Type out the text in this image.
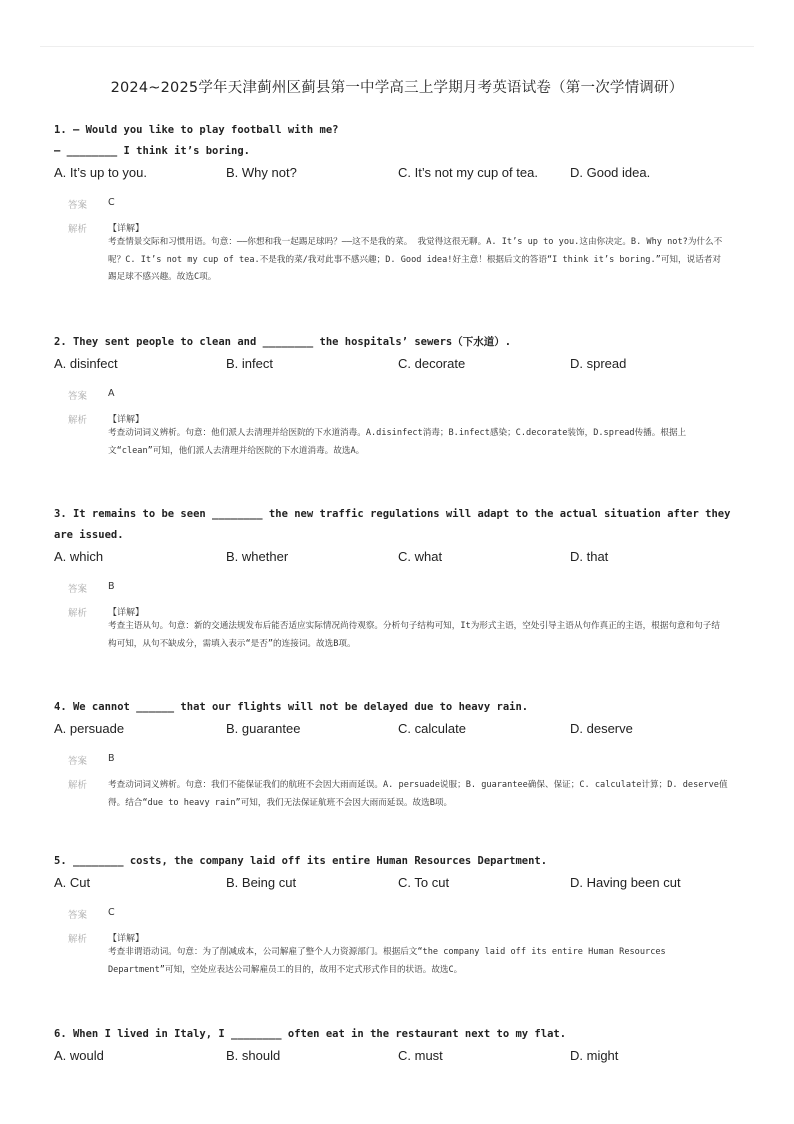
2024~2025学年天津蓟州区蓟县第一中学高三上学期月考英语试卷（第一次学情调研）
1. — Would you like to play football with me?
— ________ I think it’s boring.
A. It’s up to you.	B. Why not?	C. It’s not my cup of tea.	D. Good idea.
答案	C
解析	【详解】
考查情景交际和习惯用语。句意：——你想和我一起踢足球吗？——这不是我的菜。 我觉得这很无聊。A. It’s up to you.这由你决定。B. Why not?为什么不呢？C. It’s not my cup of tea.不是我的菜/我对此事不感兴趣；D. Good idea!好主意！根据后文的答语“I think it’s boring.”可知，说话者对踢足球不感兴趣。故选C项。
2. They sent people to clean and ________ the hospitals’ sewers（下水道）.
A. disinfect	B. infect	C. decorate	D. spread
答案	A
解析	【详解】
考查动词词义辨析。句意：他们派人去清理并给医院的下水道消毒。A.disinfect消毒；B.infect感染；C.decorate装饰，D.spread传播。根据上文“clean”可知，他们派人去清理并给医院的下水道消毒。故选A。
3. It remains to be seen ________ the new traffic regulations will adapt to the actual situation after they are issued.
A. which	B. whether	C. what	D. that
答案	B
解析	【详解】
考查主语从句。句意：新的交通法规发布后能否适应实际情况尚待观察。分析句子结构可知，It为形式主语，空处引导主语从句作真正的主语，根据句意和句子结构可知，从句不缺成分，需填入表示“是否”的连接词。故选B项。
4. We cannot ______ that our flights will not be delayed due to heavy rain.
A. persuade	B. guarantee	C. calculate	D. deserve
答案	B
解析	考查动词词义辨析。句意：我们不能保证我们的航班不会因大雨而延误。A. persuade说服；B. guarantee确保、保证；C. calculate计算；D. deserve值得。结合“due to heavy rain”可知，我们无法保证航班不会因大雨而延误。故选B项。
5. ________ costs, the company laid off its entire Human Resources Department.
A. Cut	B. Being cut	C. To cut	D. Having been cut
答案	C
解析	【详解】
考查非谓语动词。句意：为了削减成本，公司解雇了整个人力资源部门。根据后文“the company laid off its entire Human Resources Department”可知，空处应表达公司解雇员工的目的，故用不定式形式作目的状语。故选C。
6. When I lived in Italy, I ________ often eat in the restaurant next to my flat.
A. would	B. should	C. must	D. might
